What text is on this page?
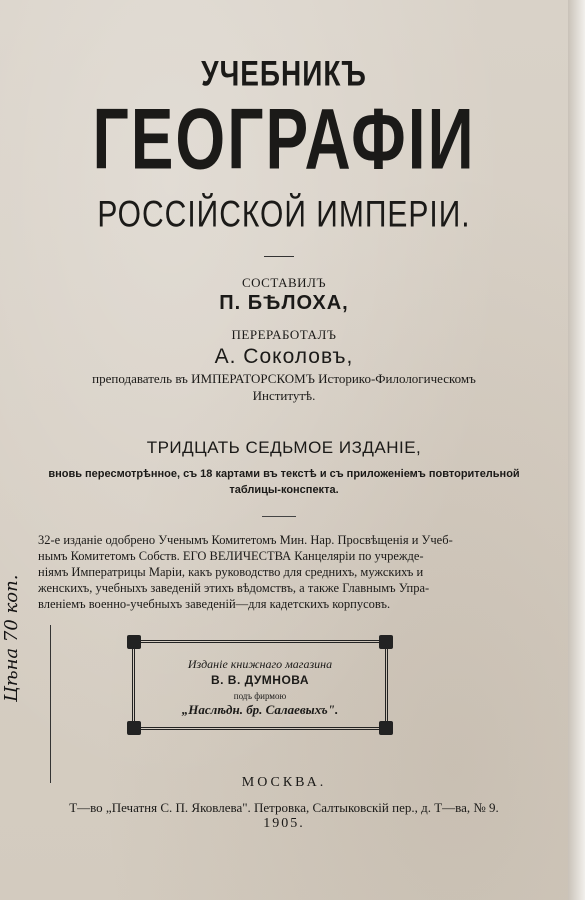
УЧЕБНИКЪ
ГЕОГРАФІИ
РОССІЙСКОЙ ИМПЕРІИ.
СОСТАВИЛЪ
П. БѢЛОХА,
ПЕРЕРАБОТАЛЪ
А. Соколовъ,
преподаватель въ ИМПЕРАТОРСКОМЪ Историко-Филологическомъ
Институтѣ.
ТРИДЦАТЬ СЕДЬМОЕ ИЗДАНІЕ,
вновь пересмотрѣнное, съ 18 картами въ текстѣ и съ приложеніемъ повторительной
таблицы-конспекта.
32-е изданіе одобрено Ученымъ Комитетомъ Мин. Нар. Просвѣщенія и Учеб-
нымъ Комитетомъ Собств. ЕГО ВЕЛИЧЕСТВА Канцеляріи по учрежде-
ніямъ Императрицы Маріи, какъ руководство для среднихъ, мужскихъ и
женскихъ, учебныхъ заведеній этихъ вѣдомствъ, а также Главнымъ Упра-
вленіемъ военно-учебныхъ заведеній—для кадетскихъ корпусовъ.
Изданіе книжнаго магазина
В. В. ДУМНОВА
подъ фирмою
„Наслѣдн. бр. Салаевыхъ".
Цѣна 70 коп.
МОСКВА.
Т—во „Печатня С. П. Яковлева". Петровка, Салтыковскій пер., д. Т—ва, № 9.
1905.
